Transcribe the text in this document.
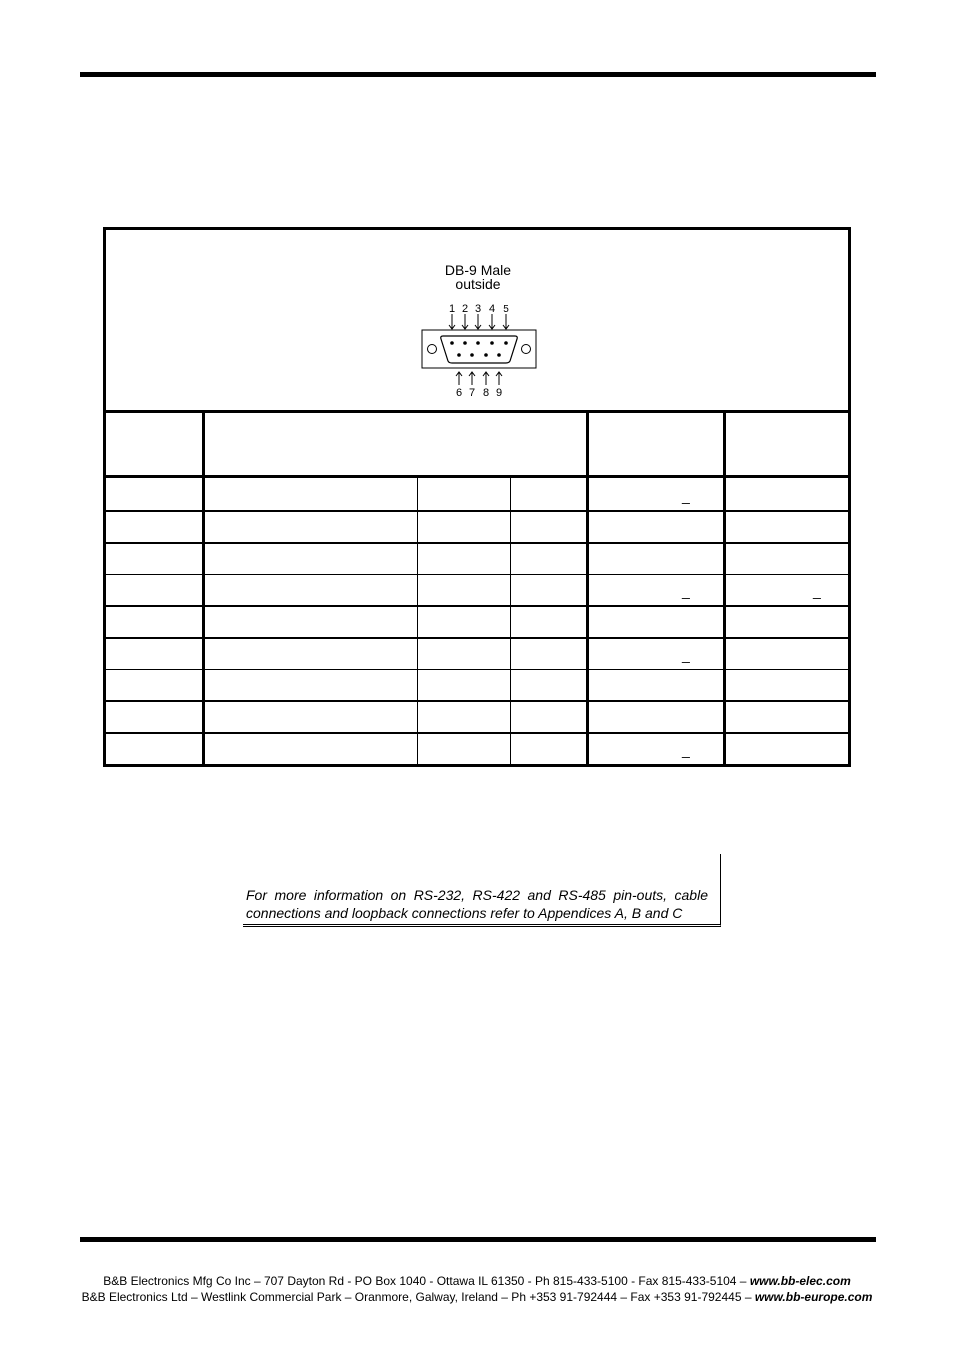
DB-9 Male
outside
1 2 3 4 5
6 7 8 9
_
_	_
_
_
For more information on RS-232, RS-422 and RS-485 pin-outs, cable
connections and loopback connections refer to Appendices A, B and C
B&B Electronics Mfg Co Inc – 707 Dayton Rd - PO Box 1040 - Ottawa IL 61350 - Ph 815-433-5100 - Fax 815-433-5104 – www.bb-elec.com
B&B Electronics Ltd – Westlink Commercial Park – Oranmore, Galway, Ireland – Ph +353 91-792444 – Fax +353 91-792445 – www.bb-europe.com
